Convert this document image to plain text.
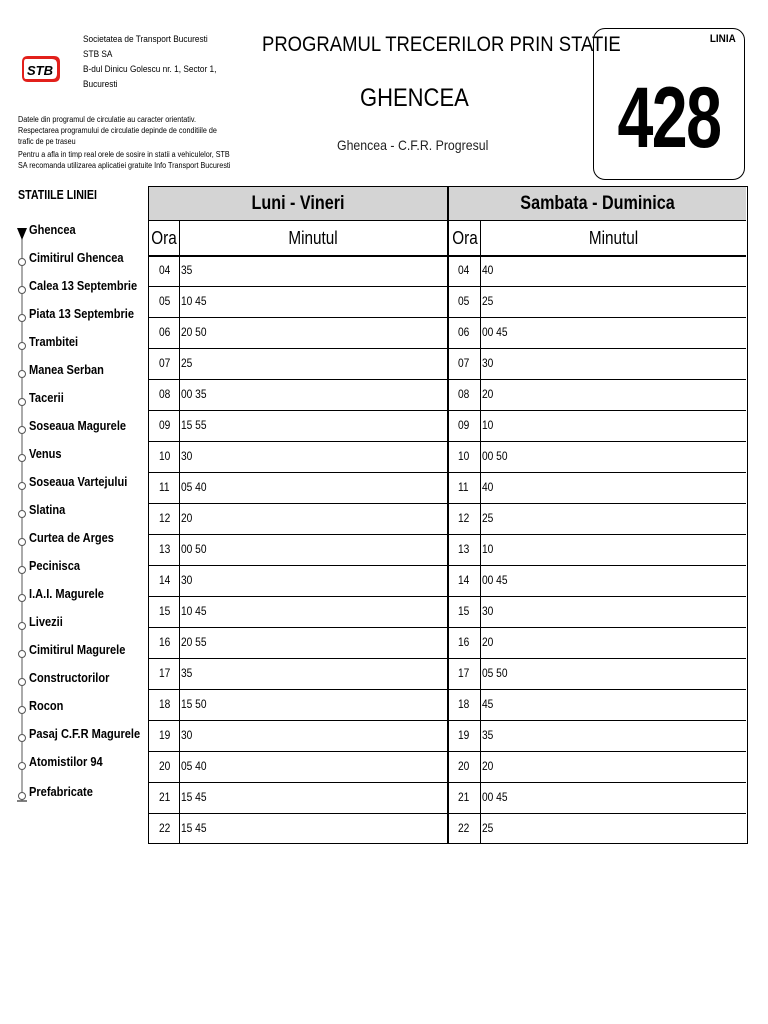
Societatea de Transport Bucuresti
STB SA
B-dul Dinicu Golescu nr. 1, Sector 1,
Bucuresti
STB
Datele din programul de circulatie au caracter orientativ. Respectarea programului de circulatie depinde de conditiile de trafic de pe traseu
Pentru a afla in timp real orele de sosire in statii a vehiculelor, STB SA recomanda utilizarea aplicatiei gratuite Info Transport Bucuresti
PROGRAMUL TRECERILOR PRIN STATIE
GHENCEA
Ghencea - C.F.R. Progresul
LINIA
428
STATIILE LINIEI
Ghencea
Cimitirul Ghencea
Calea 13 Septembrie
Piata 13 Septembrie
Trambitei
Manea Serban
Tacerii
Soseaua Magurele
Venus
Soseaua Vartejului
Slatina
Curtea de Arges
Pecinisca
I.A.I. Magurele
Livezii
Cimitirul Magurele
Constructorilor
Rocon
Pasaj C.F.R Magurele
Atomistilor 94
Prefabricate
Luni - Vineri	Sambata - Duminica
Ora	Minutul	Ora	Minutul
04 35	04 40
05 10 45	05 25
06 20 50	06 00 45
07 25	07 30
08 00 35	08 20
09 15 55	09 10
10 30	10 00 50
11 05 40	11 40
12 20	12 25
13 00 50	13 10
14 30	14 00 45
15 10 45	15 30
16 20 55	16 20
17 35	17 05 50
18 15 50	18 45
19 30	19 35
20 05 40	20 20
21 15 45	21 00 45
22 15 45	22 25
